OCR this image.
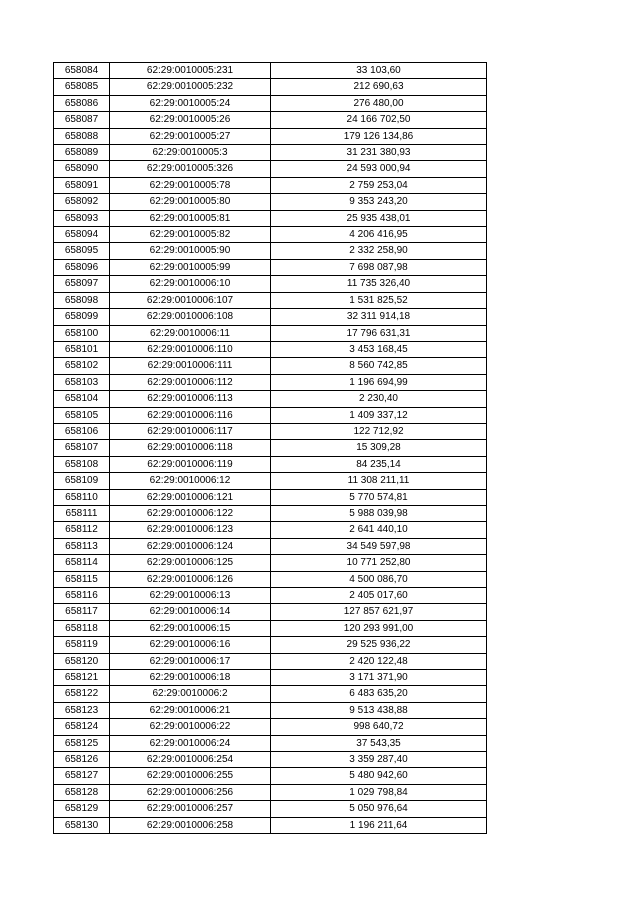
658084	62:29:0010005:231	33 103,60
658085	62:29:0010005:232	212 690,63
658086	62:29:0010005:24	276 480,00
658087	62:29:0010005:26	24 166 702,50
658088	62:29:0010005:27	179 126 134,86
658089	62:29:0010005:3	31 231 380,93
658090	62:29:0010005:326	24 593 000,94
658091	62:29:0010005:78	2 759 253,04
658092	62:29:0010005:80	9 353 243,20
658093	62:29:0010005:81	25 935 438,01
658094	62:29:0010005:82	4 206 416,95
658095	62:29:0010005:90	2 332 258,90
658096	62:29:0010005:99	7 698 087,98
658097	62:29:0010006:10	11 735 326,40
658098	62:29:0010006:107	1 531 825,52
658099	62:29:0010006:108	32 311 914,18
658100	62:29:0010006:11	17 796 631,31
658101	62:29:0010006:110	3 453 168,45
658102	62:29:0010006:111	8 560 742,85
658103	62:29:0010006:112	1 196 694,99
658104	62:29:0010006:113	2 230,40
658105	62:29:0010006:116	1 409 337,12
658106	62:29:0010006:117	122 712,92
658107	62:29:0010006:118	15 309,28
658108	62:29:0010006:119	84 235,14
658109	62:29:0010006:12	11 308 211,11
658110	62:29:0010006:121	5 770 574,81
658111	62:29:0010006:122	5 988 039,98
658112	62:29:0010006:123	2 641 440,10
658113	62:29:0010006:124	34 549 597,98
658114	62:29:0010006:125	10 771 252,80
658115	62:29:0010006:126	4 500 086,70
658116	62:29:0010006:13	2 405 017,60
658117	62:29:0010006:14	127 857 621,97
658118	62:29:0010006:15	120 293 991,00
658119	62:29:0010006:16	29 525 936,22
658120	62:29:0010006:17	2 420 122,48
658121	62:29:0010006:18	3 171 371,90
658122	62:29:0010006:2	6 483 635,20
658123	62:29:0010006:21	9 513 438,88
658124	62:29:0010006:22	998 640,72
658125	62:29:0010006:24	37 543,35
658126	62:29:0010006:254	3 359 287,40
658127	62:29:0010006:255	5 480 942,60
658128	62:29:0010006:256	1 029 798,84
658129	62:29:0010006:257	5 050 976,64
658130	62:29:0010006:258	1 196 211,64
